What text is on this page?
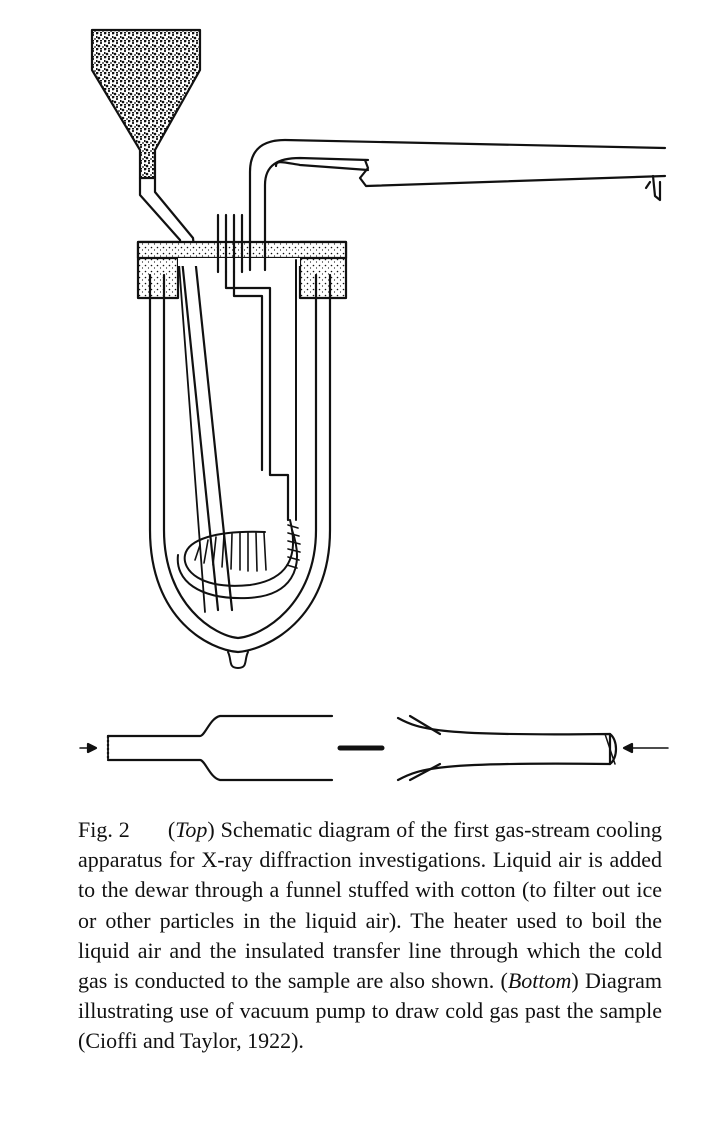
Fig. 2 (Top) Schematic diagram of the first gas-stream cooling apparatus for X-ray diffraction investigations. Liquid air is added to the dewar through a funnel stuffed with cotton (to filter out ice or other particles in the liquid air). The heater used to boil the liquid air and the insulated transfer line through which the cold gas is conducted to the sample are also shown. (Bottom) Diagram illustrating use of vacuum pump to draw cold gas past the sample (Cioffi and Taylor, 1922).
